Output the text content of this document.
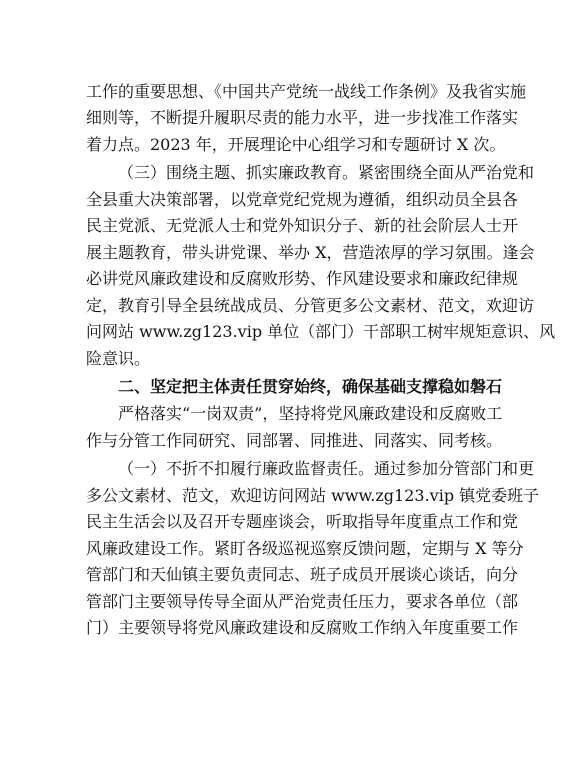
工作的重要思想、《中国共产党统一战线工作条例》及我省实施
细则等，不断提升履职尽责的能力水平，进一步找准工作落实
着力点。2023 年，开展理论中心组学习和专题研讨 X 次。
（三）围绕主题、抓实廉政教育。紧密围绕全面从严治党和
全县重大决策部署，以党章党纪党规为遵循，组织动员全县各
民主党派、无党派人士和党外知识分子、新的社会阶层人士开
展主题教育，带头讲党课、举办 X，营造浓厚的学习氛围。逢会
必讲党风廉政建设和反腐败形势、作风建设要求和廉政纪律规
定，教育引导全县统战成员、分管更多公文素材、范文，欢迎访
问网站 www.zg123.vip 单位（部门）干部职工树牢规矩意识、风
险意识。
二、坚定把主体责任贯穿始终，确保基础支撑稳如磐石
严格落实“一岗双责”，坚持将党风廉政建设和反腐败工
作与分管工作同研究、同部署、同推进、同落实、同考核。
（一）不折不扣履行廉政监督责任。通过参加分管部门和更
多公文素材、范文，欢迎访问网站 www.zg123.vip 镇党委班子
民主生活会以及召开专题座谈会，听取指导年度重点工作和党
风廉政建设工作。紧盯各级巡视巡察反馈问题，定期与 X 等分
管部门和天仙镇主要负责同志、班子成员开展谈心谈话，向分
管部门主要领导传导全面从严治党责任压力，要求各单位（部
门）主要领导将党风廉政建设和反腐败工作纳入年度重要工作
